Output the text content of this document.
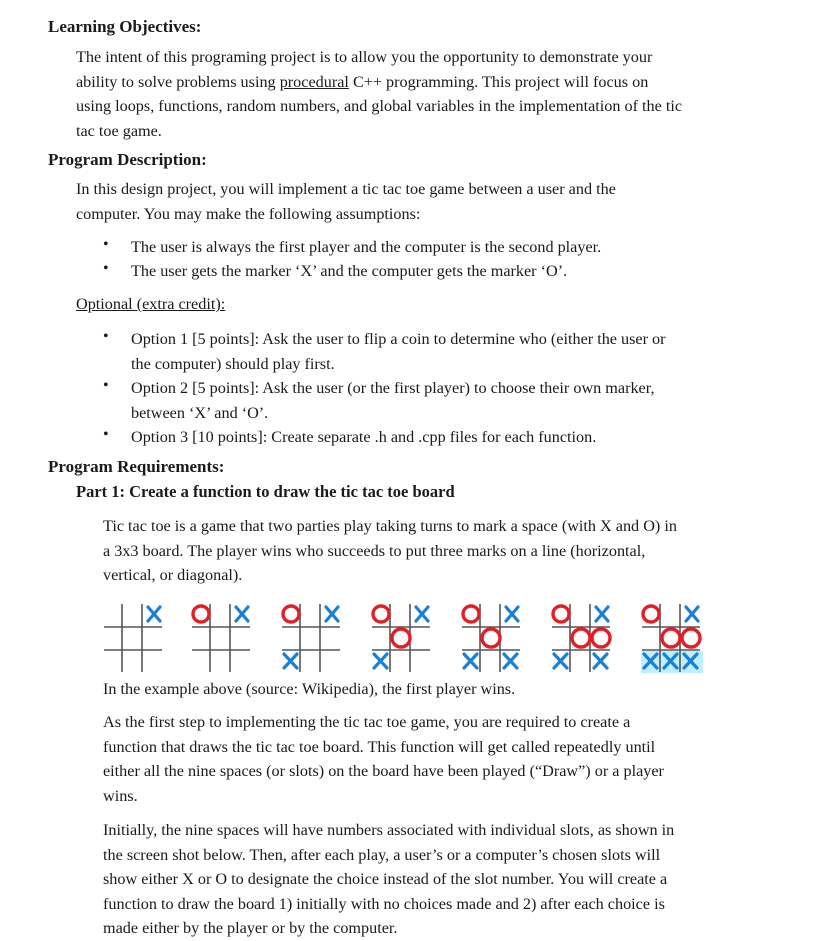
Learning Objectives:
The intent of this programing project is to allow you the opportunity to demonstrate your
ability to solve problems using procedural C++ programming. This project will focus on
using loops, functions, random numbers, and global variables in the implementation of the tic
tac toe game.
Program Description:
In this design project, you will implement a tic tac toe game between a user and the
computer. You may make the following assumptions:
• The user is always the first player and the computer is the second player.
• The user gets the marker ‘X’ and the computer gets the marker ‘O’.
Optional (extra credit):
• Option 1 [5 points]: Ask the user to flip a coin to determine who (either the user or
the computer) should play first.
• Option 2 [5 points]: Ask the user (or the first player) to choose their own marker,
between ‘X’ and ‘O’.
• Option 3 [10 points]: Create separate .h and .cpp files for each function.
Program Requirements:
Part 1: Create a function to draw the tic tac toe board
Tic tac toe is a game that two parties play taking turns to mark a space (with X and O) in
a 3x3 board. The player wins who succeeds to put three marks on a line (horizontal,
vertical, or diagonal).
In the example above (source: Wikipedia), the first player wins.
As the first step to implementing the tic tac toe game, you are required to create a
function that draws the tic tac toe board. This function will get called repeatedly until
either all the nine spaces (or slots) on the board have been played (“Draw”) or a player
wins.
Initially, the nine spaces will have numbers associated with individual slots, as shown in
the screen shot below. Then, after each play, a user’s or a computer’s chosen slots will
show either X or O to designate the choice instead of the slot number. You will create a
function to draw the board 1) initially with no choices made and 2) after each choice is
made either by the player or by the computer.
